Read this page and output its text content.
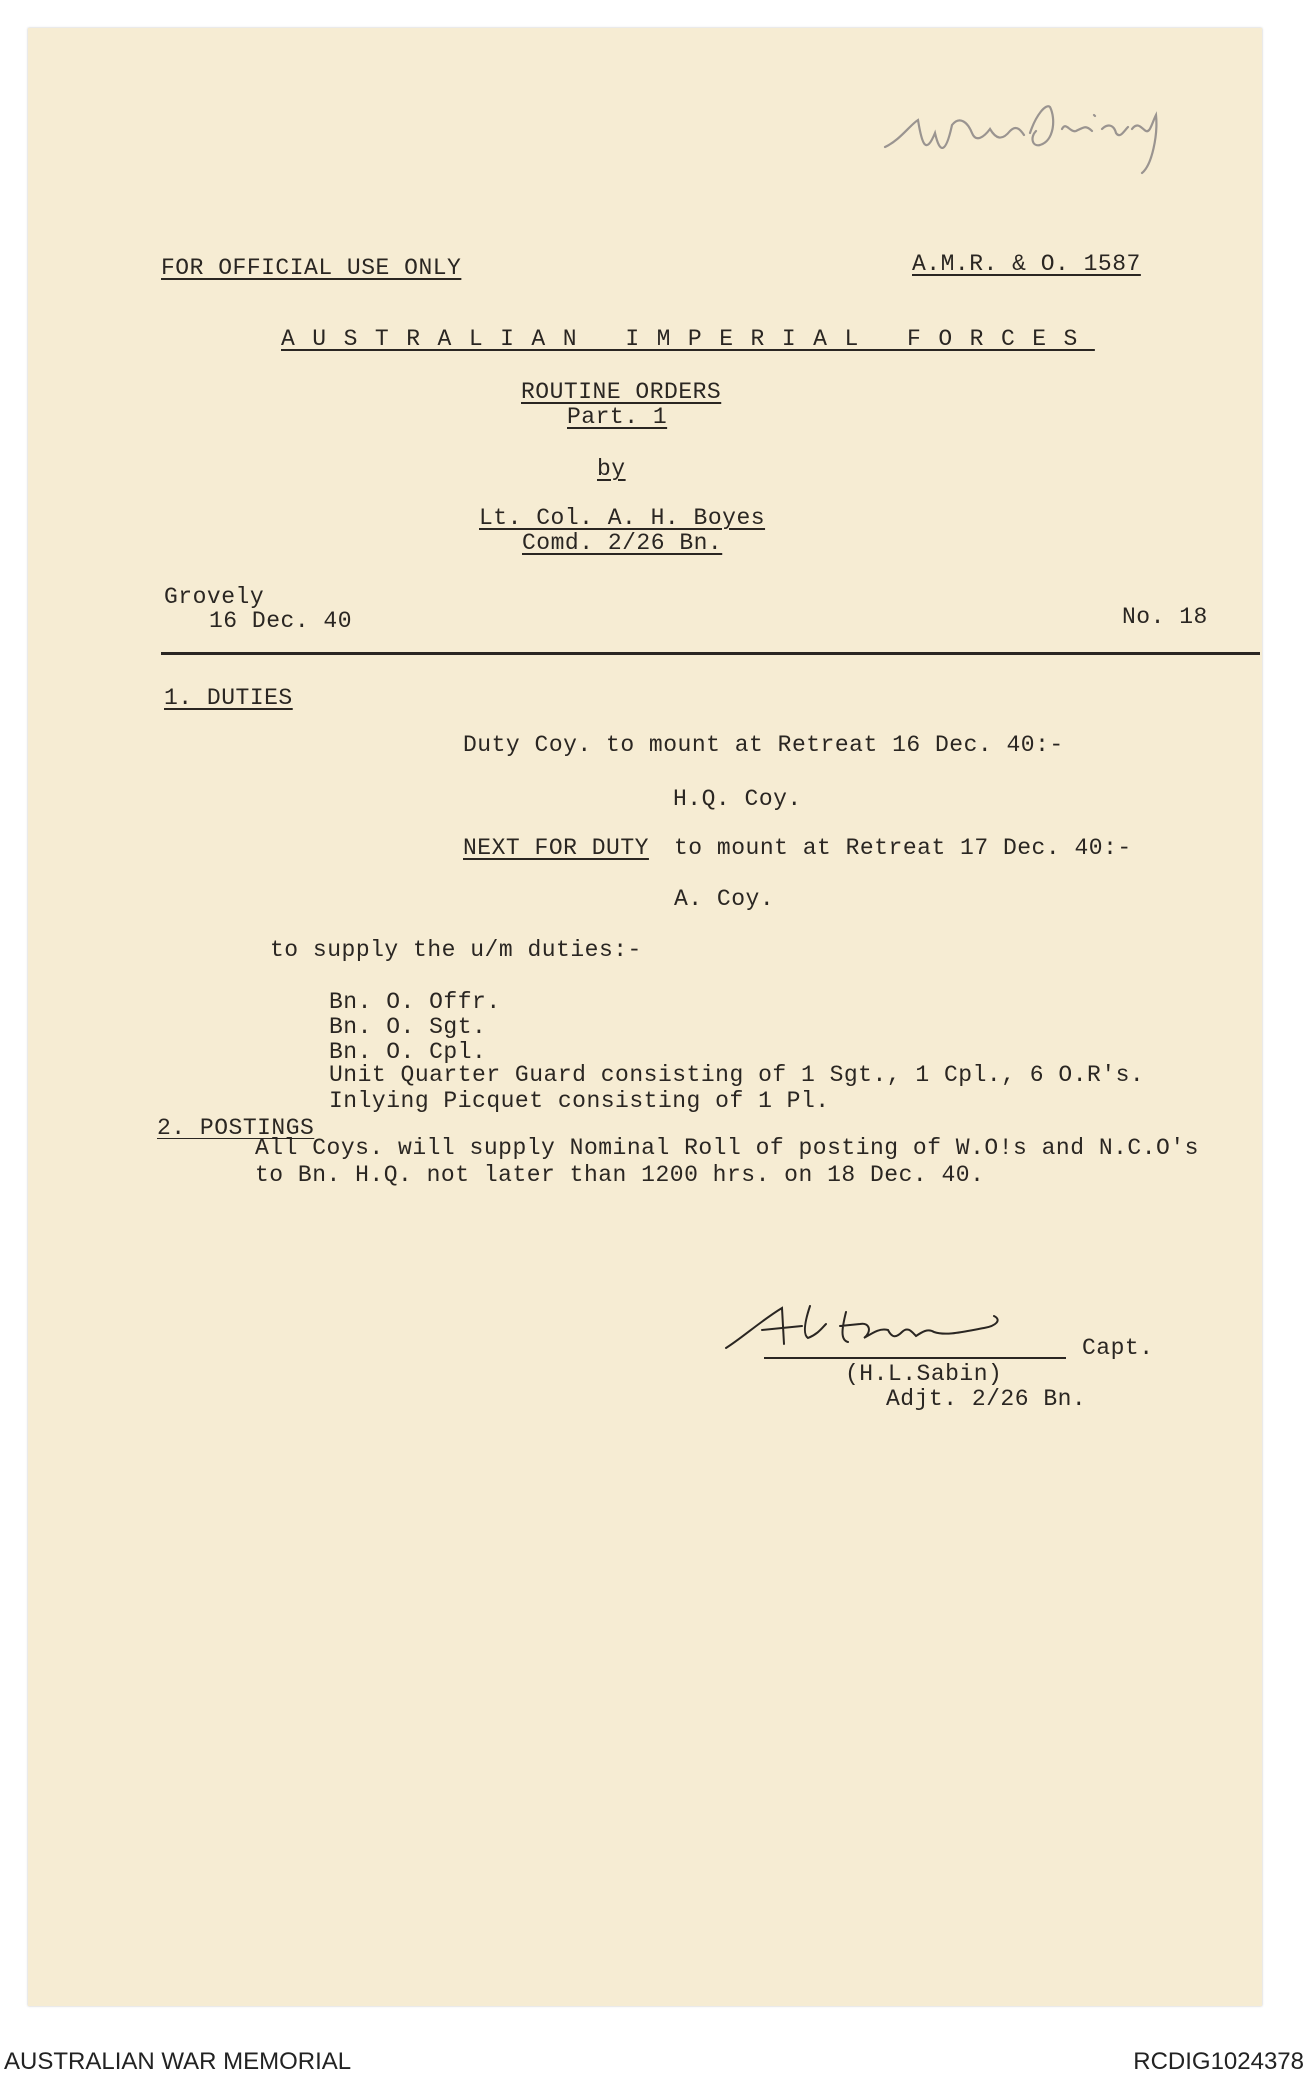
War Diary
FOR OFFICIAL USE ONLY	A.M.R. & O. 1587
AUSTRALIAN IMPERIAL FORCES
ROUTINE ORDERS
Part. 1
by
Lt. Col. A. H. Boyes
Comd. 2/26 Bn.
Grovely
16 Dec. 40	No. 18
1. DUTIES
Duty Coy. to mount at Retreat 16 Dec. 40:-
H.Q. Coy.
NEXT FOR DUTY to mount at Retreat 17 Dec. 40:-
A. Coy.
to supply the u/m duties:-
Bn. O. Offr.
Bn. O. Sgt.
Bn. O. Cpl.
Unit Quarter Guard consisting of 1 Sgt., 1 Cpl., 6 O.R's.
Inlying Picquet consisting of 1 Pl.
2. POSTINGS
All Coys. will supply Nominal Roll of posting of W.O!s and N.C.O's
to Bn. H.Q. not later than 1200 hrs. on 18 Dec. 40.
H L Sabin
Capt.
(H.L.Sabin)
Adjt. 2/26 Bn.
AUSTRALIAN WAR MEMORIAL	RCDIG1024378
